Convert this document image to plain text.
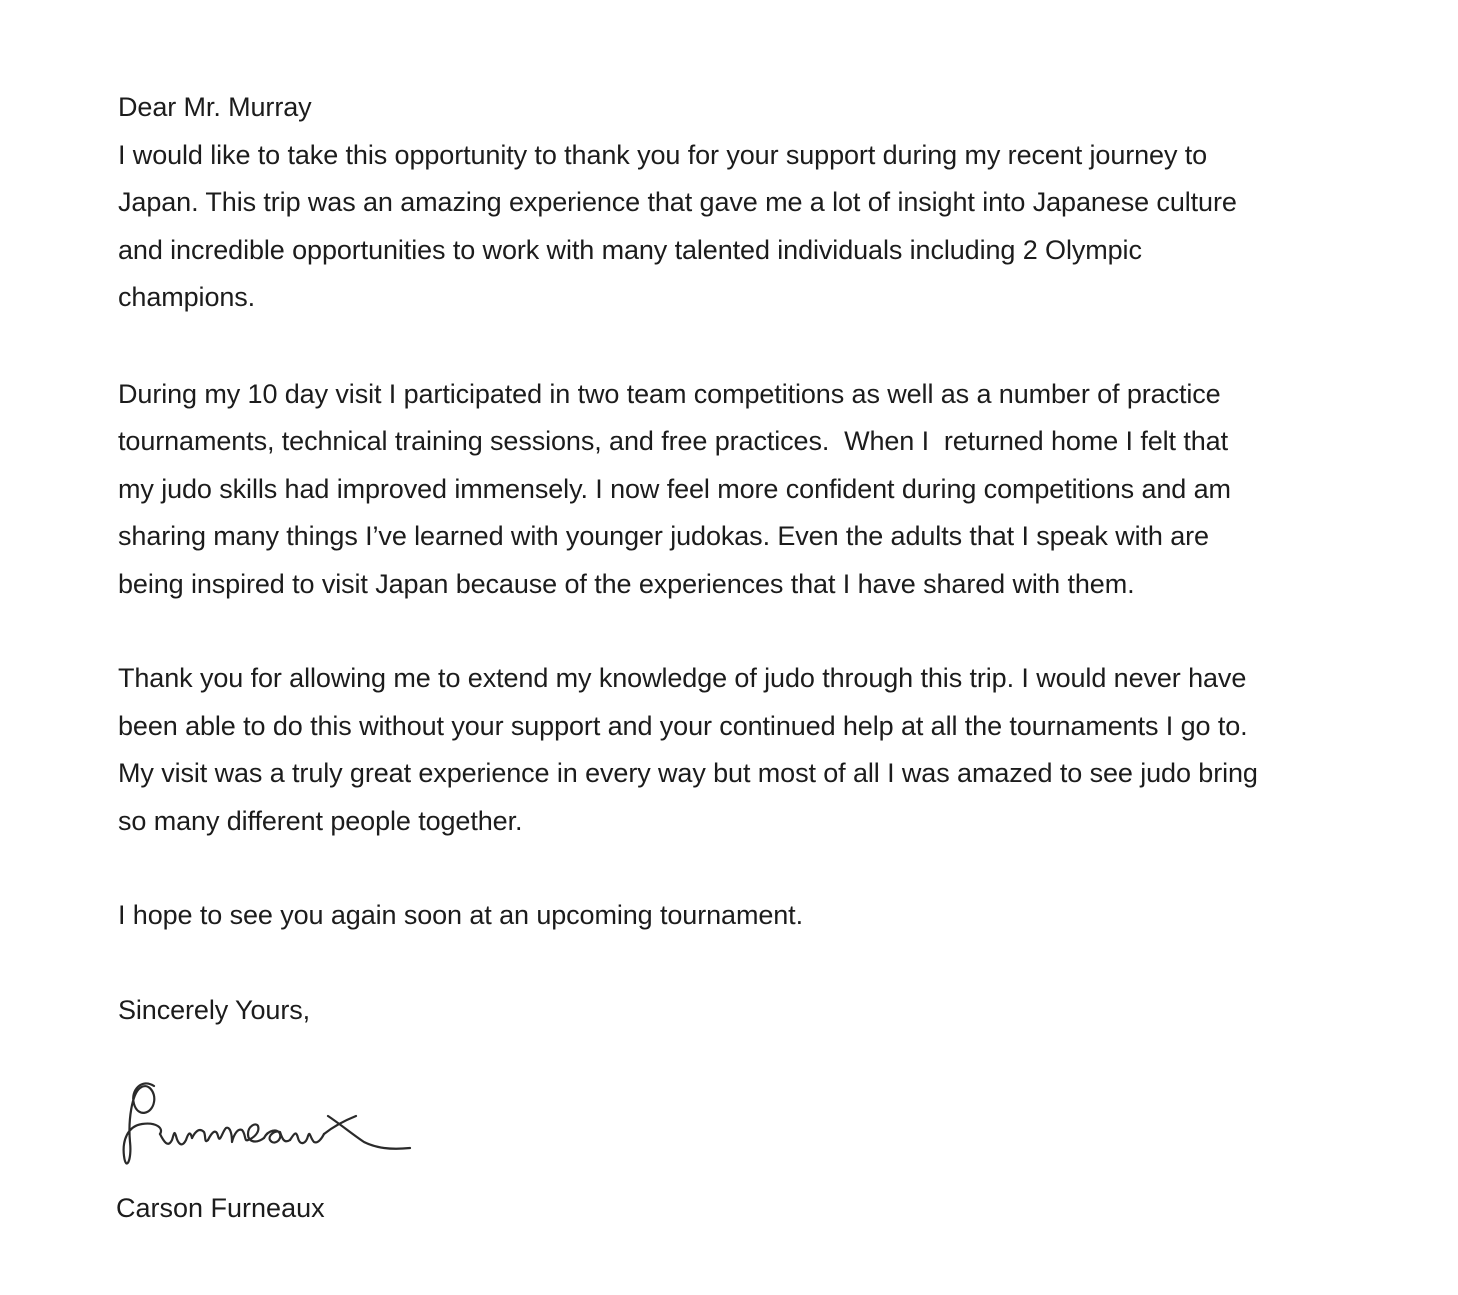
Dear Mr. Murray
I would like to take this opportunity to thank you for your support during my recent journey to
Japan. This trip was an amazing experience that gave me a lot of insight into Japanese culture
and incredible opportunities to work with many talented individuals including 2 Olympic
champions.
During my 10 day visit I participated in two team competitions as well as a number of practice
tournaments, technical training sessions, and free practices.  When I  returned home I felt that
my judo skills had improved immensely. I now feel more confident during competitions and am
sharing many things I’ve learned with younger judokas. Even the adults that I speak with are
being inspired to visit Japan because of the experiences that I have shared with them.
Thank you for allowing me to extend my knowledge of judo through this trip. I would never have
been able to do this without your support and your continued help at all the tournaments I go to.
My visit was a truly great experience in every way but most of all I was amazed to see judo bring
so many different people together.
I hope to see you again soon at an upcoming tournament.
Sincerely Yours,
Carson Furneaux
